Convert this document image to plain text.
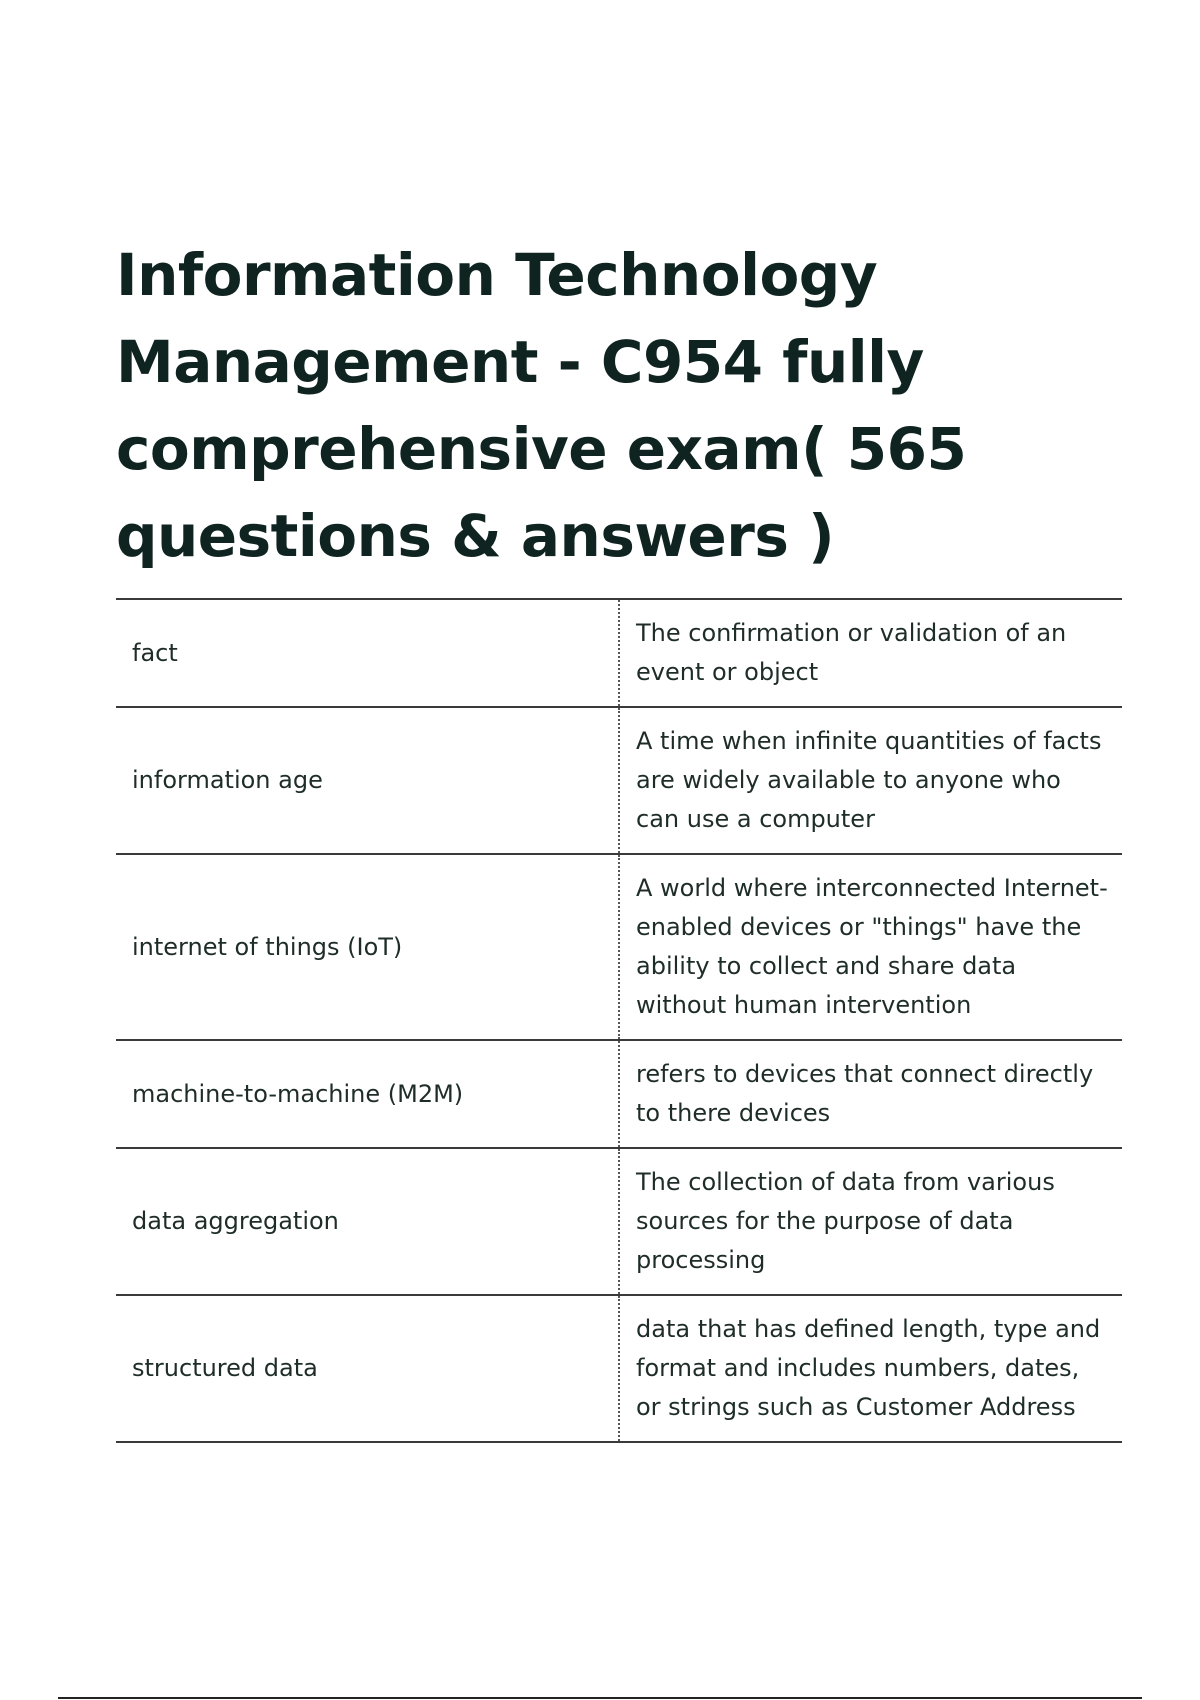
Information Technology Management - C954 fully comprehensive exam( 565 questions & answers )
fact	The confirmation or validation of an event or object
information age	A time when infinite quantities of facts are widely available to anyone who can use a computer
internet of things (IoT)	A world where interconnected Internet-enabled devices or "things" have the ability to collect and share data without human intervention
machine-to-machine (M2M)	refers to devices that connect directly to there devices
data aggregation	The collection of data from various sources for the purpose of data processing
structured data	data that has defined length, type and format and includes numbers, dates, or strings such as Customer Address
